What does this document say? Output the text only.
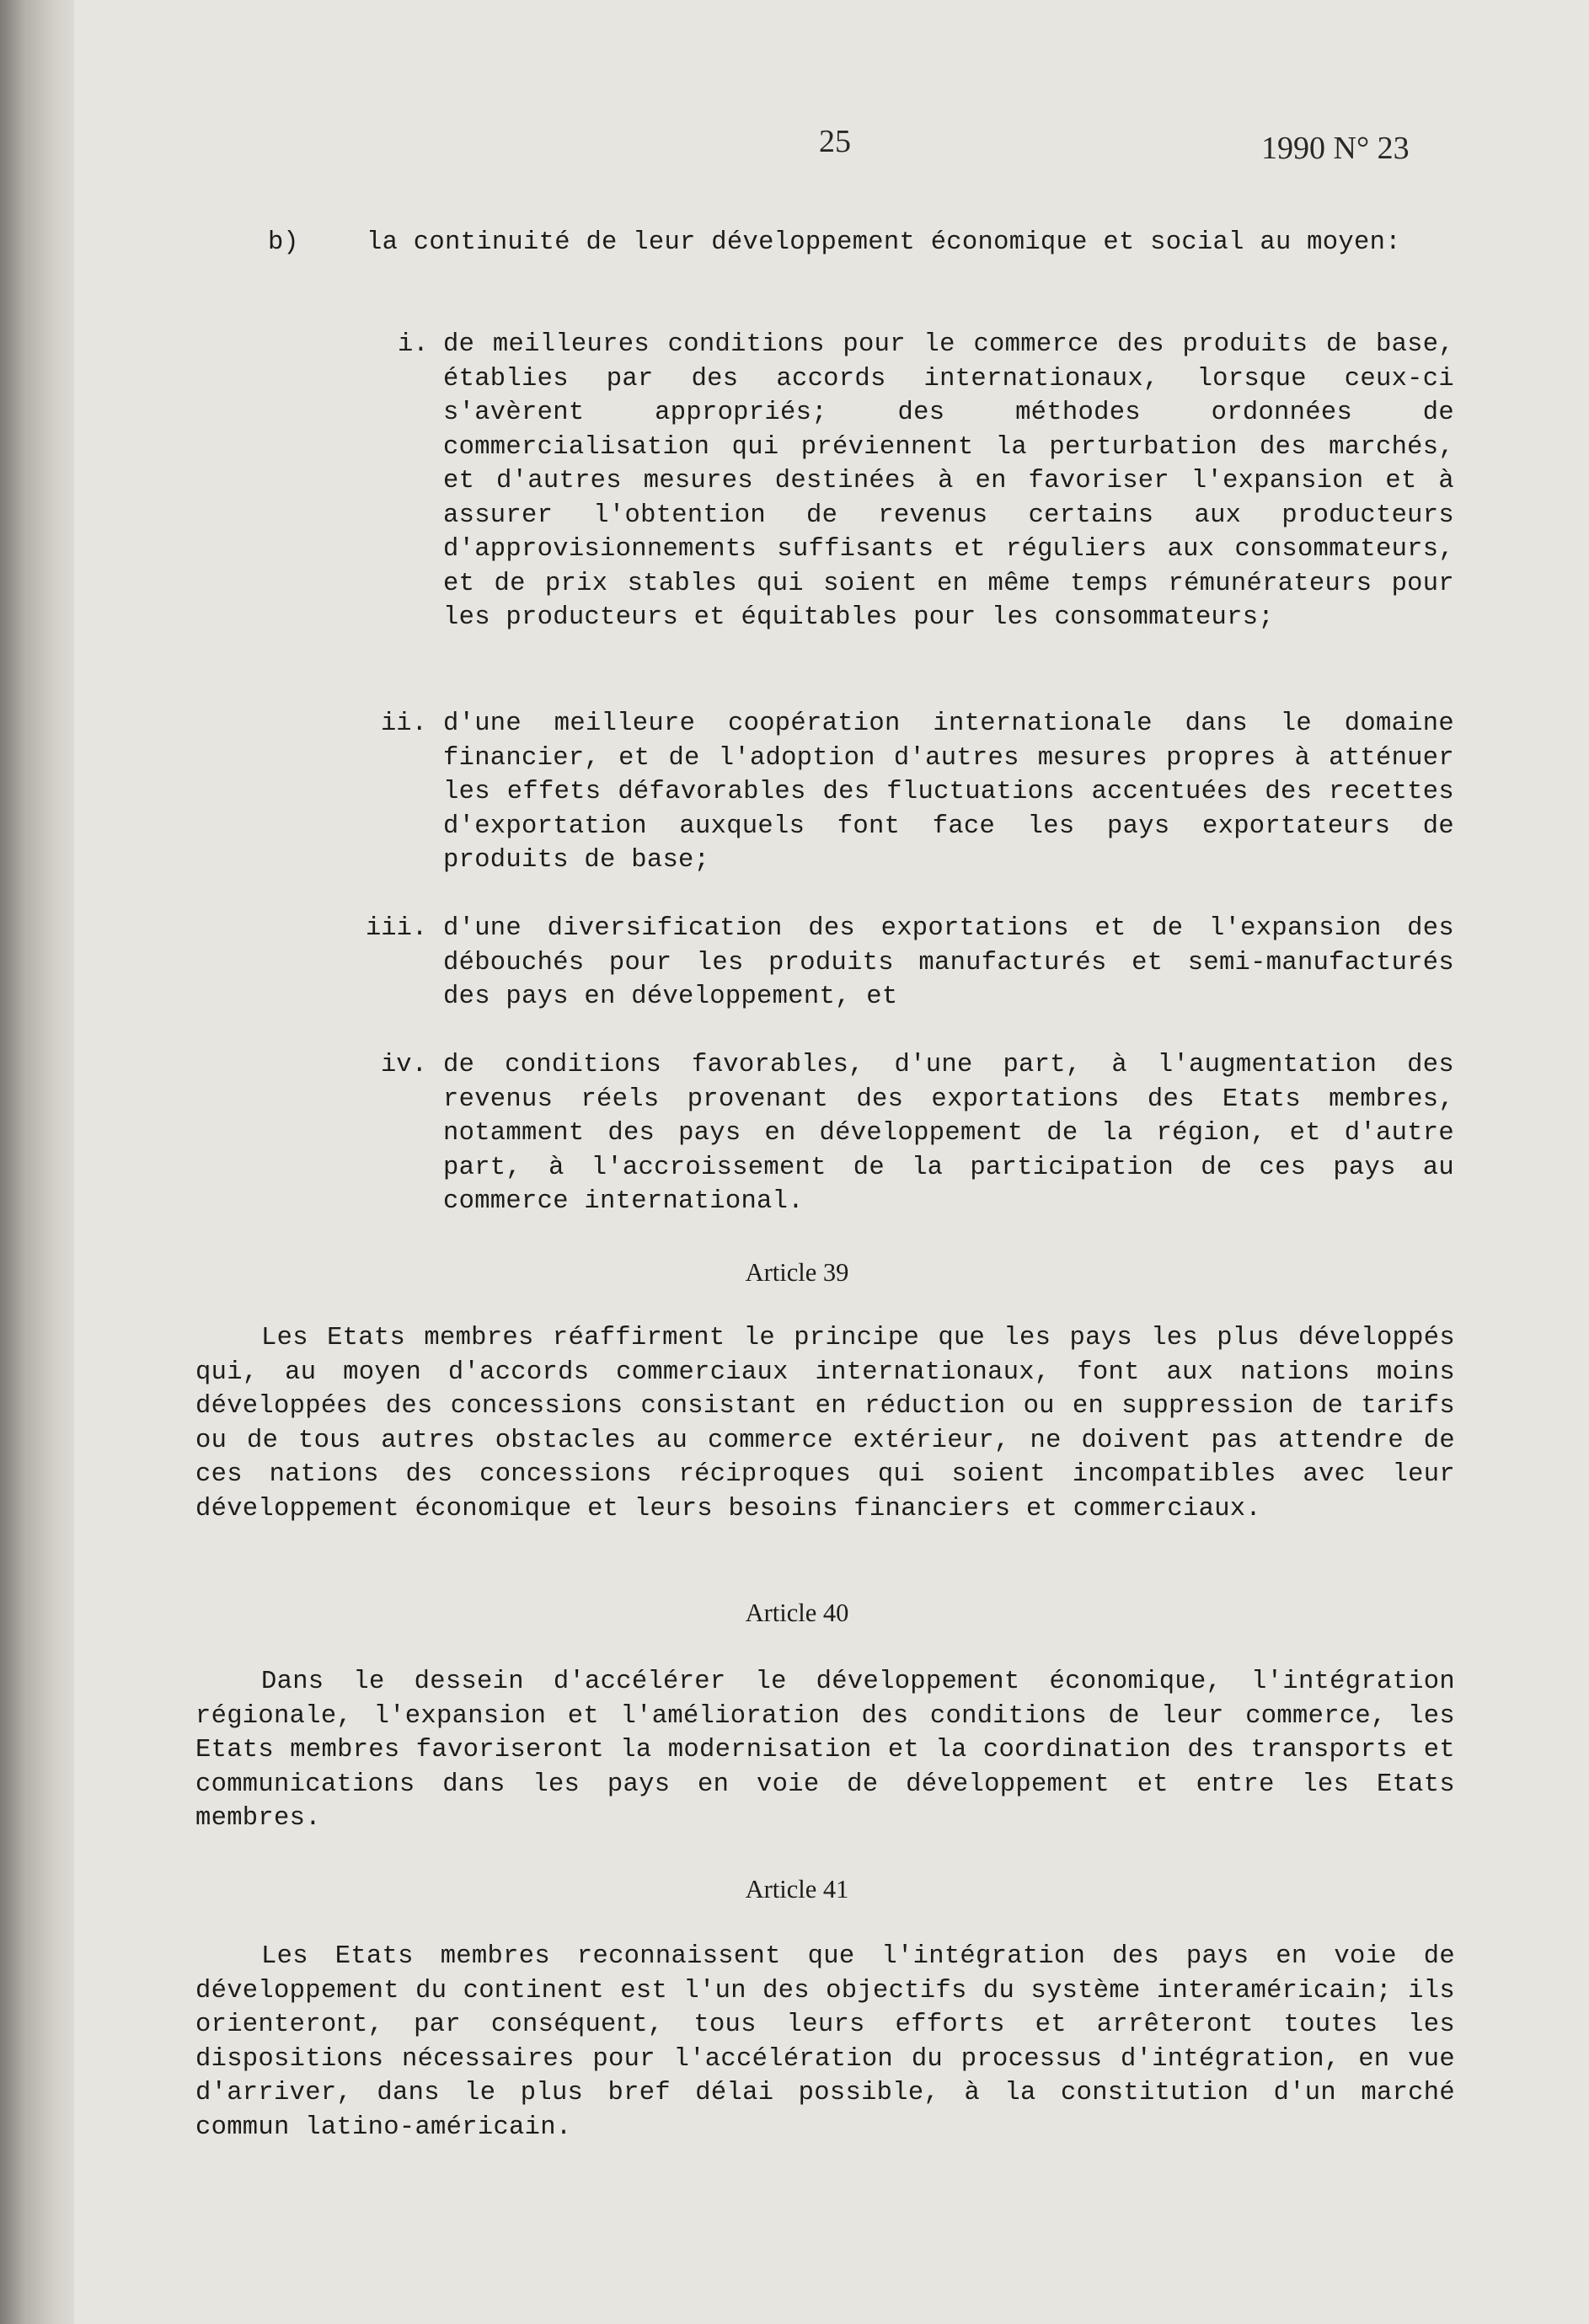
25	1990 N° 23
b)	la continuité de leur développement économique et social au moyen:
i. de meilleures conditions pour le commerce des produits de base, établies par des accords internationaux, lorsque ceux-ci s'avèrent appropriés; des méthodes ordonnées de commercialisation qui préviennent la perturbation des marchés, et d'autres mesures destinées à en favoriser l'expansion et à assurer l'obtention de revenus certains aux producteurs d'approvisionnements suffisants et réguliers aux consommateurs, et de prix stables qui soient en même temps rémunérateurs pour les producteurs et équitables pour les consommateurs;
ii. d'une meilleure coopération internationale dans le domaine financier, et de l'adoption d'autres mesures propres à atténuer les effets défavorables des fluctuations accentuées des recettes d'exportation auxquels font face les pays exportateurs de produits de base;
iii. d'une diversification des exportations et de l'expansion des débouchés pour les produits manufacturés et semi-manufacturés des pays en développement, et
iv. de conditions favorables, d'une part, à l'augmentation des revenus réels provenant des exportations des Etats membres, notamment des pays en développement de la région, et d'autre part, à l'accroissement de la participation de ces pays au commerce international.
Article 39
Les Etats membres réaffirment le principe que les pays les plus développés qui, au moyen d'accords commerciaux internationaux, font aux nations moins développées des concessions consistant en réduction ou en suppression de tarifs ou de tous autres obstacles au commerce extérieur, ne doivent pas attendre de ces nations des concessions réciproques qui soient incompatibles avec leur développement économique et leurs besoins financiers et commerciaux.
Article 40
Dans le dessein d'accélérer le développement économique, l'intégration régionale, l'expansion et l'amélioration des conditions de leur commerce, les Etats membres favoriseront la modernisation et la coordination des transports et communications dans les pays en voie de développement et entre les Etats membres.
Article 41
Les Etats membres reconnaissent que l'intégration des pays en voie de développement du continent est l'un des objectifs du système interaméricain; ils orienteront, par conséquent, tous leurs efforts et arrêteront toutes les dispositions nécessaires pour l'accélération du processus d'intégration, en vue d'arriver, dans le plus bref délai possible, à la constitution d'un marché commun latino-américain.
